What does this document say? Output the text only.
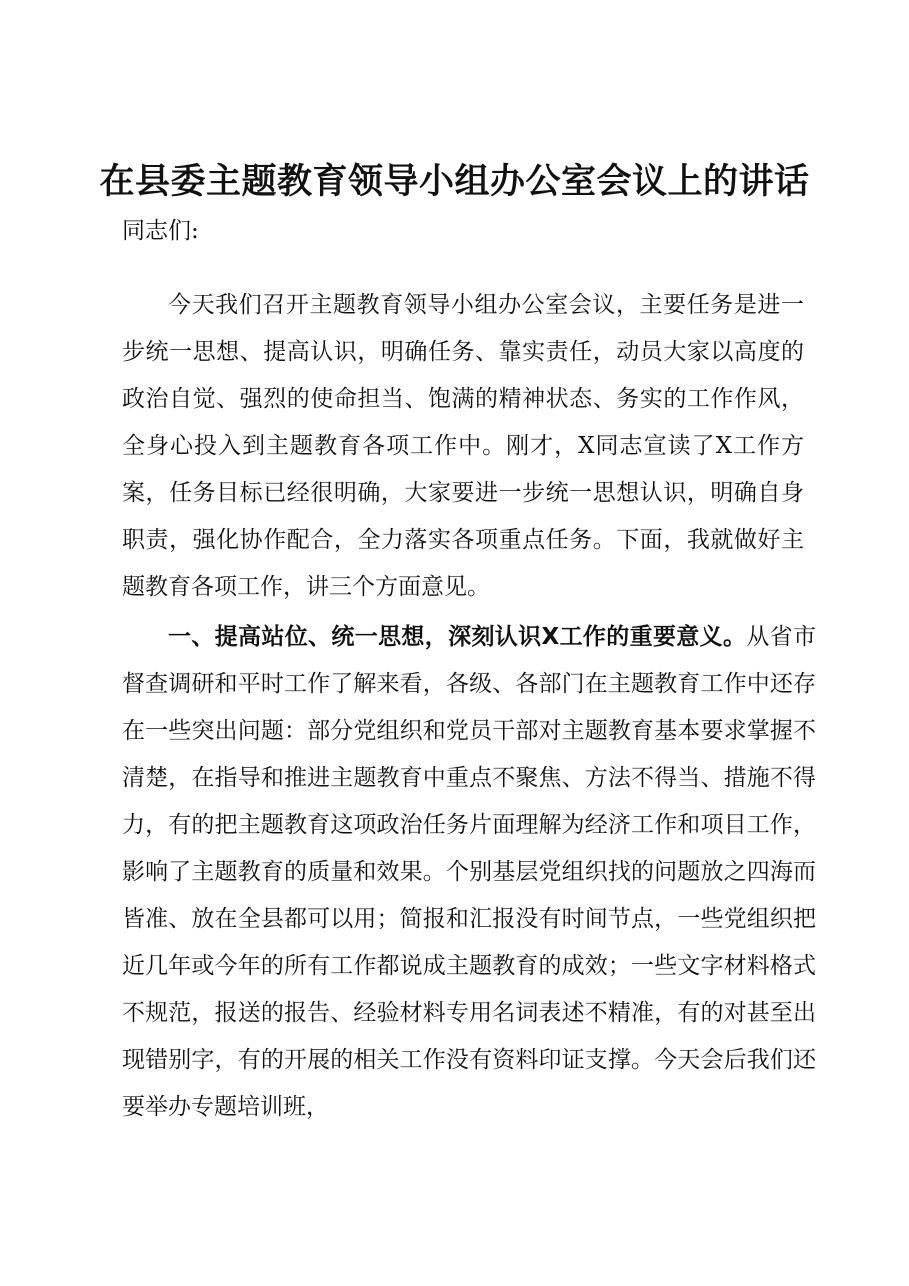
在县委主题教育领导小组办公室会议上的讲话

同志们:

今天我们召开主题教育领导小组办公室会议，主要任务是进一步统一思想、提高认识，明确任务、靠实责任，动员大家以高度的政治自觉、强烈的使命担当、饱满的精神状态、务实的工作作风，全身心投入到主题教育各项工作中。刚才，X同志宣读了X工作方案，任务目标已经很明确，大家要进一步统一思想认识，明确自身职责，强化协作配合，全力落实各项重点任务。下面，我就做好主题教育各项工作，讲三个方面意见。

一、提高站位、统一思想，深刻认识X工作的重要意义。从省市督查调研和平时工作了解来看，各级、各部门在主题教育工作中还存在一些突出问题：部分党组织和党员干部对主题教育基本要求掌握不清楚，在指导和推进主题教育中重点不聚焦、方法不得当、措施不得力，有的把主题教育这项政治任务片面理解为经济工作和项目工作，影响了主题教育的质量和效果。个别基层党组织找的问题放之四海而皆准、放在全县都可以用；简报和汇报没有时间节点，一些党组织把近几年或今年的所有工作都说成主题教育的成效；一些文字材料格式不规范，报送的报告、经验材料专用名词表述不精准，有的对甚至出现错别字，有的开展的相关工作没有资料印证支撑。今天会后我们还要举办专题培训班，
